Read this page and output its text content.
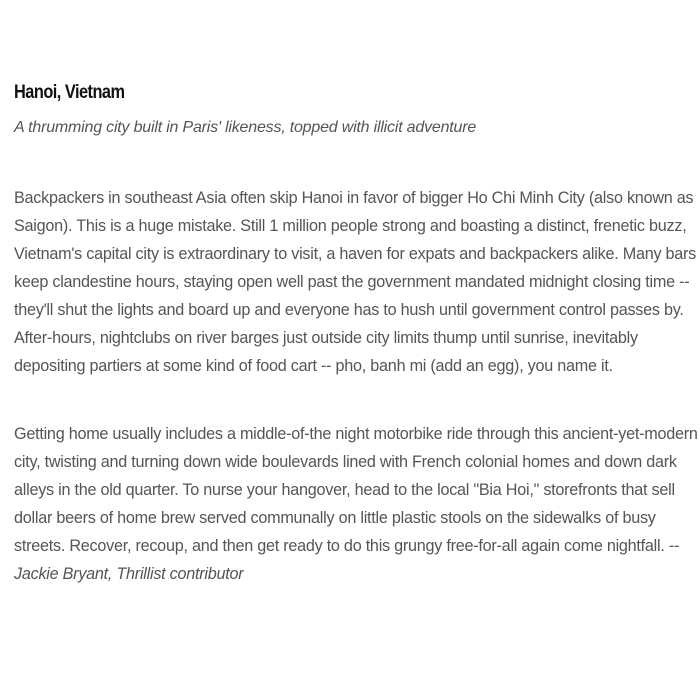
Hanoi, Vietnam

A thrumming city built in Paris' likeness, topped with illicit adventure

Backpackers in southeast Asia often skip Hanoi in favor of bigger Ho Chi Minh City (also known as Saigon). This is a huge mistake. Still 1 million people strong and boasting a distinct, frenetic buzz, Vietnam's capital city is extraordinary to visit, a haven for expats and backpackers alike. Many bars keep clandestine hours, staying open well past the government mandated midnight closing time -- they'll shut the lights and board up and everyone has to hush until government control passes by. After-hours, nightclubs on river barges just outside city limits thump until sunrise, inevitably depositing partiers at some kind of food cart -- pho, banh mi (add an egg), you name it.

Getting home usually includes a middle-of-the night motorbike ride through this ancient-yet-modern city, twisting and turning down wide boulevards lined with French colonial homes and down dark alleys in the old quarter. To nurse your hangover, head to the local "Bia Hoi," storefronts that sell dollar beers of home brew served communally on little plastic stools on the sidewalks of busy streets. Recover, recoup, and then get ready to do this grungy free-for-all again come nightfall. -- Jackie Bryant, Thrillist contributor
